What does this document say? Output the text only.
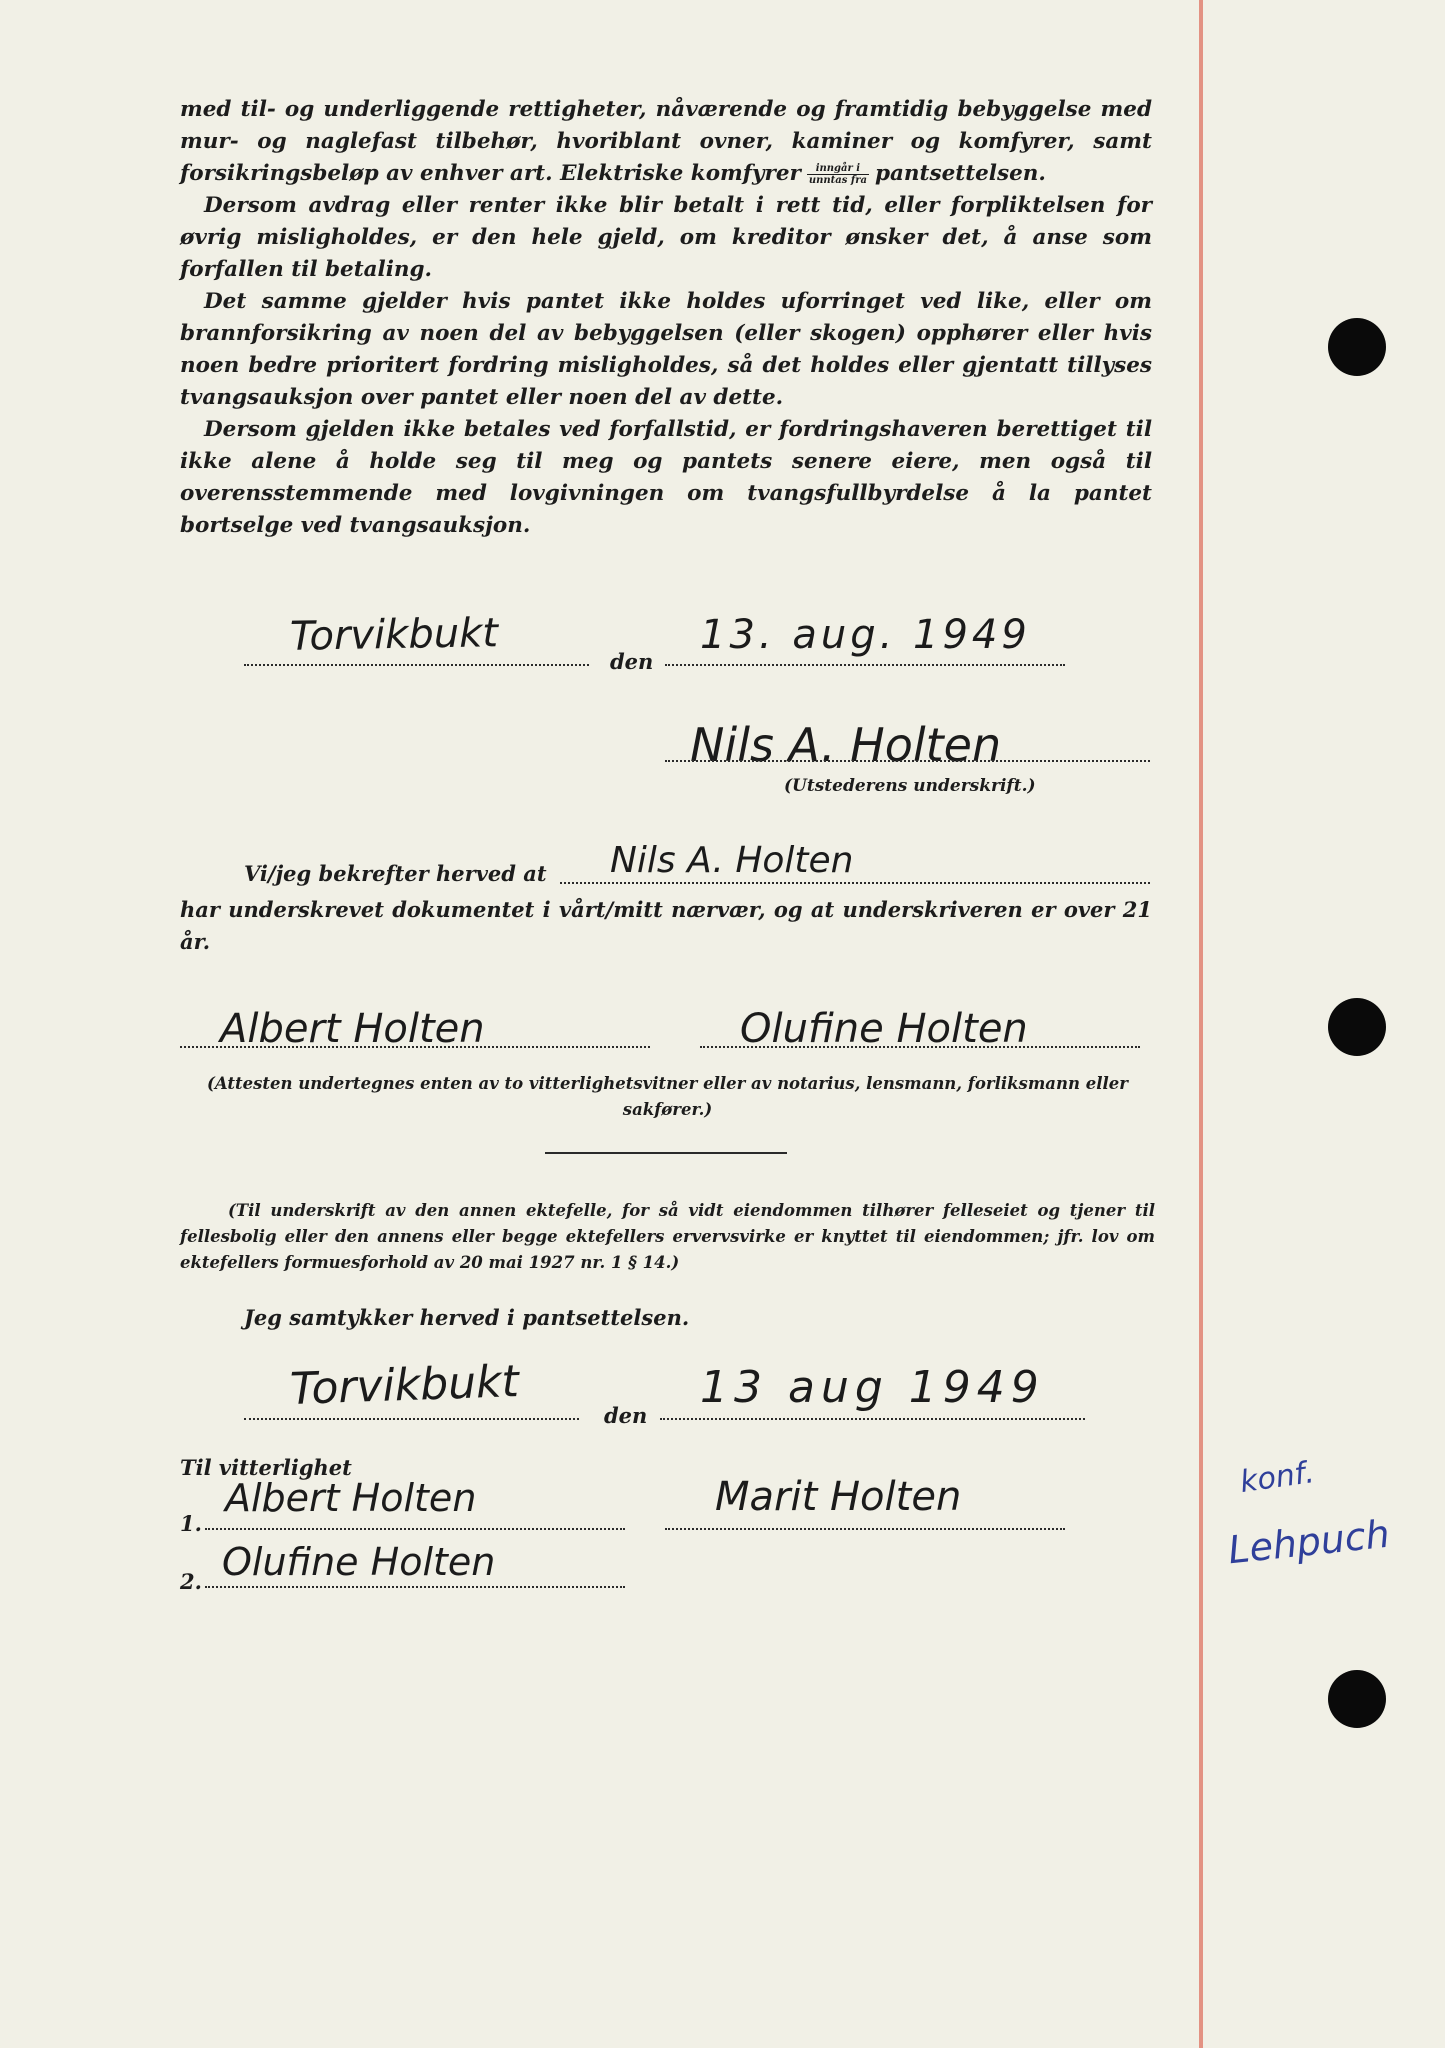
med til- og underliggende rettigheter, nåværende og framtidig bebyggelse med mur- og naglefast tilbehør, hvoriblant ovner, kaminer og komfyrer, samt forsikringsbeløp av enhver art. Elektriske komfyrer $\frac{\text{inngår i}}{\text{unntas fra}}$ pantsettelsen.

Dersom avdrag eller renter ikke blir betalt i rett tid, eller forpliktelsen for øvrig misligholdes, er den hele gjeld, om kreditor ønsker det, å anse som forfallen til betaling.

Det samme gjelder hvis pantet ikke holdes uforringet ved like, eller om brannforsikring av noen del av bebyggelsen (eller skogen) opphører eller hvis noen bedre prioritert fordring misligholdes, så det holdes eller gjentatt tillyses tvangsauksjon over pantet eller noen del av dette.

Dersom gjelden ikke betales ved forfallstid, er fordringshaveren berettiget til ikke alene å holde seg til meg og pantets senere eiere, men også til overensstemmende med lovgivningen om tvangsfullbyrdelse å la pantet bortselge ved tvangsauksjon.

Torvikbukt
den
13. aug. 1949
Nils A. Holten
(Utstederens underskrift.)
Vi/jeg bekrefter herved at Nils A. Holten
har underskrevet dokumentet i vårt/mitt nærvær, og at underskriveren er over 21 år.
Albert Holten	Olufine Holten
(Attesten undertegnes enten av to vitterlighetsvitner eller av notarius, lensmann, forliksmann eller sakfører.)
(Til underskrift av den annen ektefelle, for så vidt eiendommen tilhører felleseiet og tjener til fellesbolig eller den annens eller begge ektefellers ervervsvirke er knyttet til eiendommen; jfr. lov om ektefellers formuesforhold av 20 mai 1927 nr. 1 § 14.)
Jeg samtykker herved i pantsettelsen.
Torvikbukt
den
13 aug 1949
Til vitterlighet
1.
Albert Holten	Marit Holten
2. Olufine Holten
konf.
Lehpuch
